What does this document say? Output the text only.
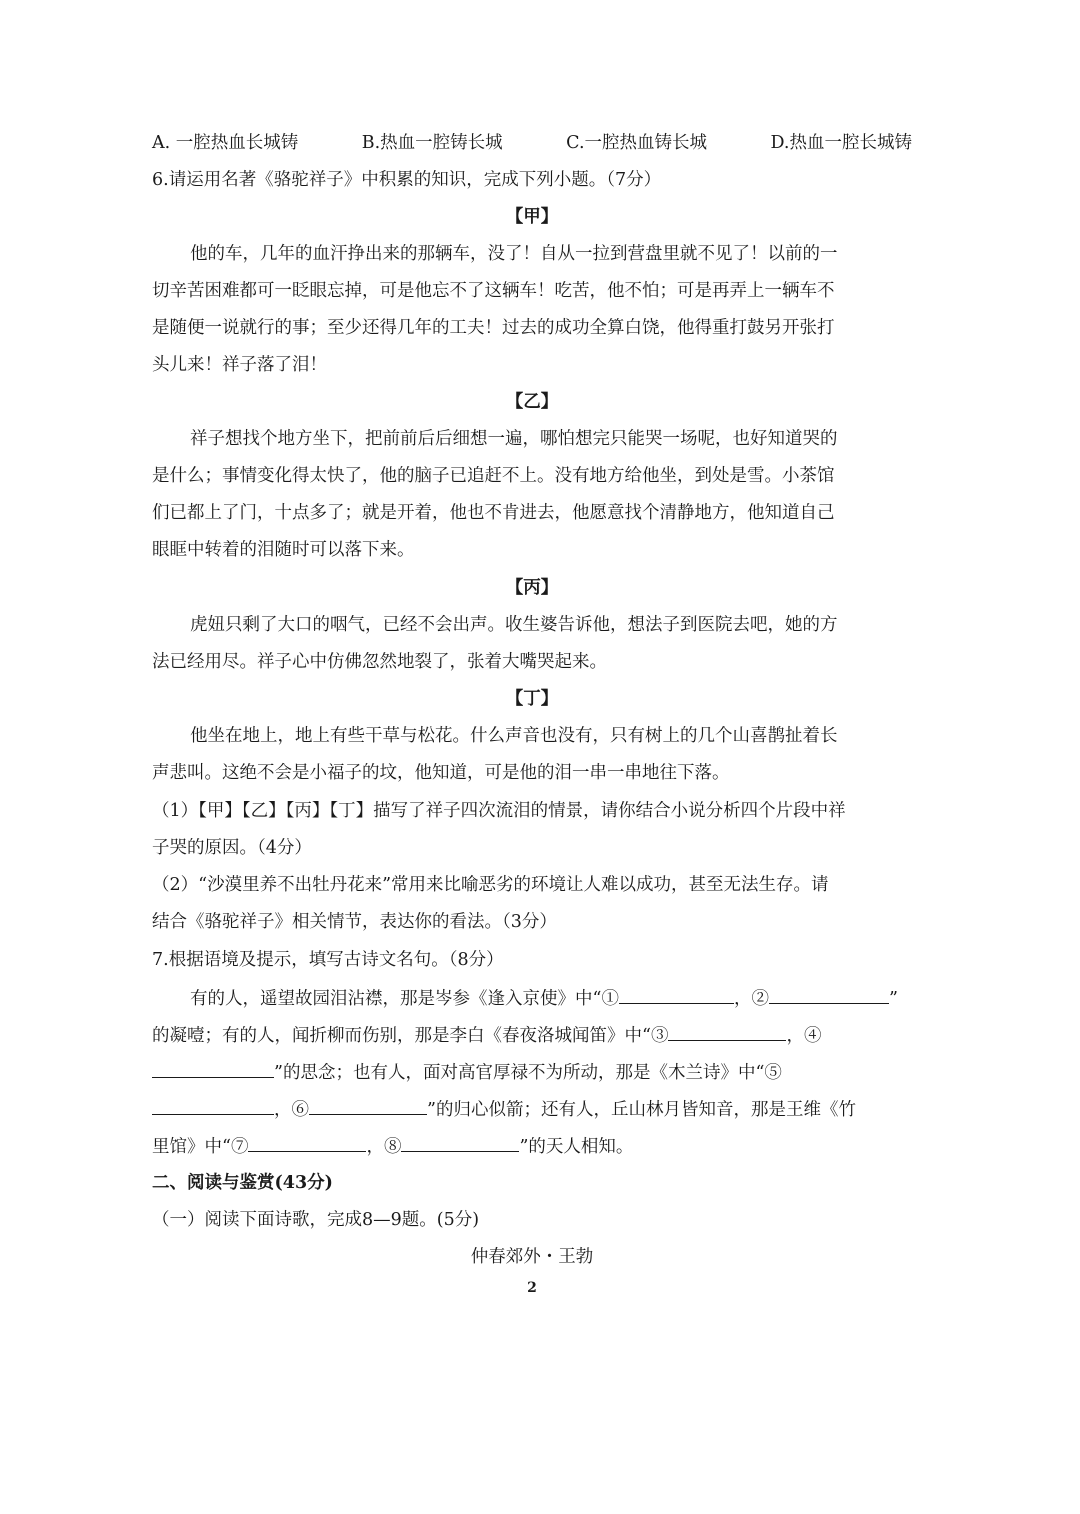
A. 一腔热血长城铸	B.热血一腔铸长城	C.一腔热血铸长城	D.热血一腔长城铸
6.请运用名著《骆驼祥子》中积累的知识，完成下列小题。（7分）
【甲】
他的车，几年的血汗挣出来的那辆车，没了！自从一拉到营盘里就不见了！以前的一
切辛苦困难都可一眨眼忘掉，可是他忘不了这辆车！吃苦，他不怕；可是再弄上一辆车不
是随便一说就行的事；至少还得几年的工夫！过去的成功全算白饶，他得重打鼓另开张打
头儿来！祥子落了泪！
【乙】
祥子想找个地方坐下，把前前后后细想一遍，哪怕想完只能哭一场呢，也好知道哭的
是什么；事情变化得太快了，他的脑子已追赶不上。没有地方给他坐，到处是雪。小茶馆
们已都上了门，十点多了；就是开着，他也不肯进去，他愿意找个清静地方，他知道自己
眼眶中转着的泪随时可以落下来。
【丙】
虎妞只剩了大口的咽气，已经不会出声。收生婆告诉他，想法子到医院去吧，她的方
法已经用尽。祥子心中仿佛忽然地裂了，张着大嘴哭起来。
【丁】
他坐在地上，地上有些干草与松花。什么声音也没有，只有树上的几个山喜鹊扯着长
声悲叫。这绝不会是小福子的坟，他知道，可是他的泪一串一串地往下落。
（1）【甲】【乙】【丙】【丁】描写了祥子四次流泪的情景，请你结合小说分析四个片段中祥
子哭的原因。（4分）
（2）“沙漠里养不出牡丹花来”常用来比喻恶劣的环境让人难以成功，甚至无法生存。请
结合《骆驼祥子》相关情节，表达你的看法。（3分）
7.根据语境及提示，填写古诗文名句。（8分）
有的人，遥望故园泪沾襟，那是岑参《逢入京使》中“①	，②	”
的凝噎；有的人，闻折柳而伤别，那是李白《春夜洛城闻笛》中“③	，④
”的思念；也有人，面对高官厚禄不为所动，那是《木兰诗》中“⑤
，⑥	”的归心似箭；还有人，丘山林月皆知音，那是王维《竹
里馆》中“⑦	，⑧	”的天人相知。
二、阅读与鉴赏(43分)
（一）阅读下面诗歌，完成8—9题。(5分)
仲春郊外・王勃
2
